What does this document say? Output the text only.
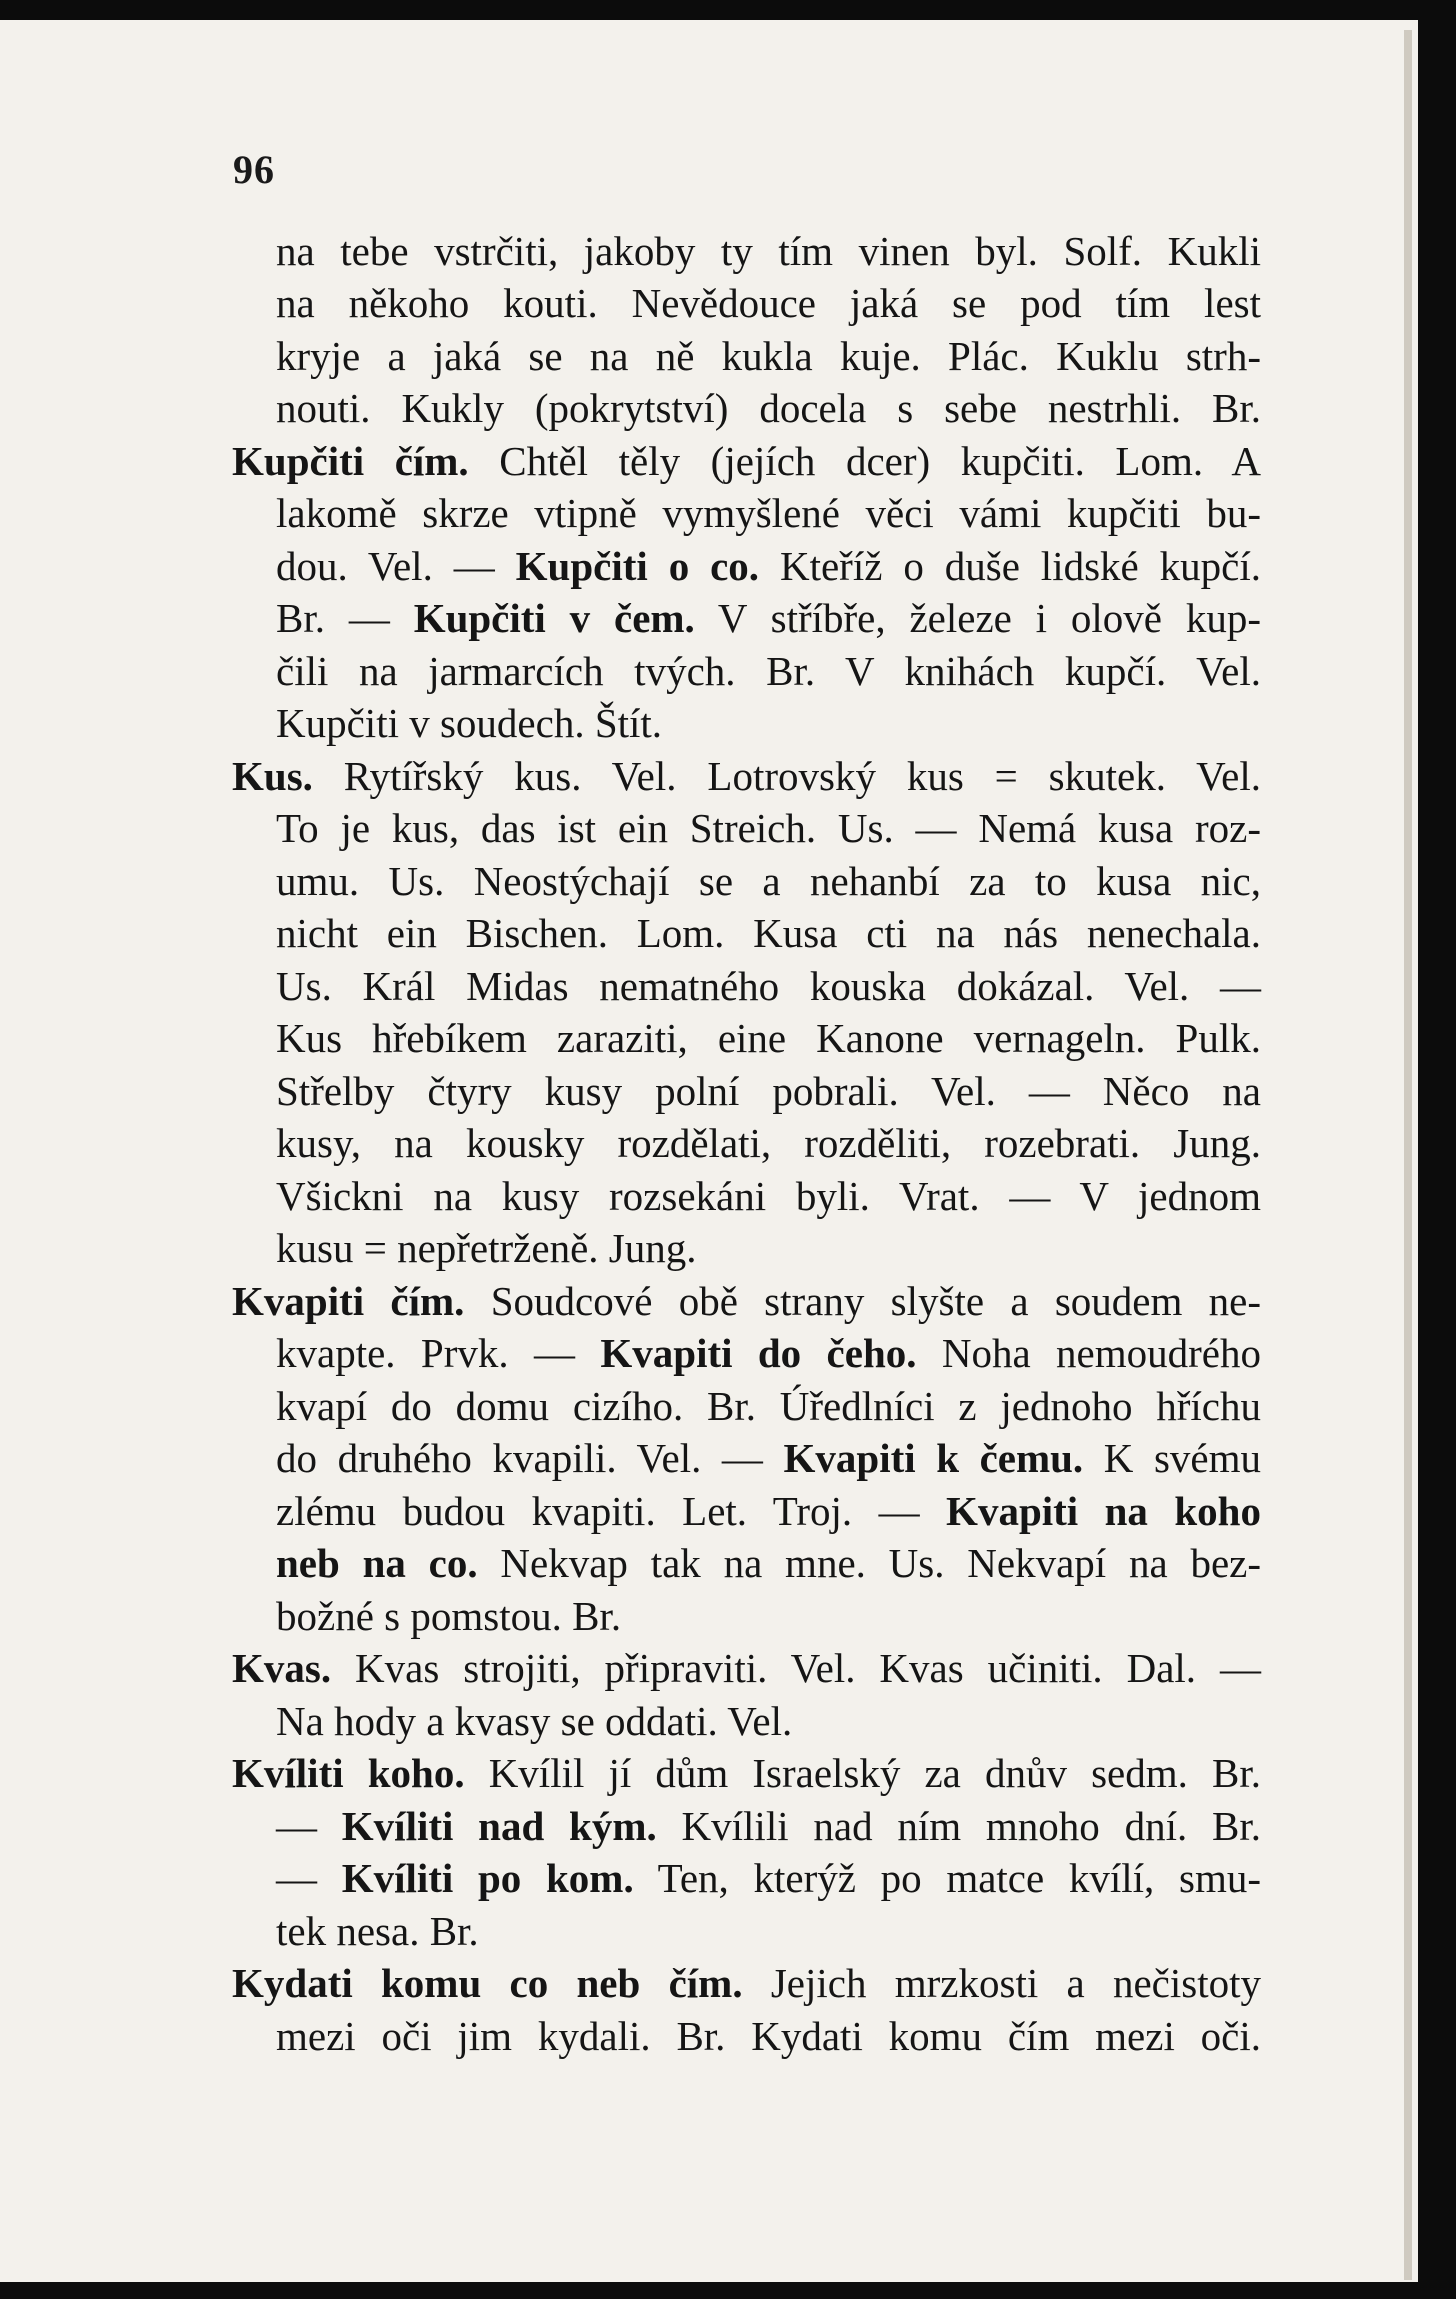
96
na tebe vstrčiti, jakoby ty tím vinen byl. Solf. Kukli
na někoho kouti. Nevědouce jaká se pod tím lest
kryje a jaká se na ně kukla kuje. Plác. Kuklu strh-
nouti. Kukly (pokrytství) docela s sebe nestrhli. Br.
Kupčiti čím. Chtěl těly (jejích dcer) kupčiti. Lom. A
lakomě skrze vtipně vymyšlené věci vámi kupčiti bu-
dou. Vel. — Kupčiti o co. Kteříž o duše lidské kupčí.
Br. — Kupčiti v čem. V stříbře, železe i olově kup-
čili na jarmarcích tvých. Br. V knihách kupčí. Vel.
Kupčiti v soudech. Štít.
Kus. Rytířský kus. Vel. Lotrovský kus = skutek. Vel.
To je kus, das ist ein Streich. Us. — Nemá kusa roz-
umu. Us. Neostýchají se a nehanbí za to kusa nic,
nicht ein Bischen. Lom. Kusa cti na nás nenechala.
Us. Král Midas nematného kouska dokázal. Vel. —
Kus hřebíkem zaraziti, eine Kanone vernageln. Pulk.
Střelby čtyry kusy polní pobrali. Vel. — Něco na
kusy, na kousky rozdělati, rozděliti, rozebrati. Jung.
Všickni na kusy rozsekáni byli. Vrat. — V jednom
kusu = nepřetrženě. Jung.
Kvapiti čím. Soudcové obě strany slyšte a soudem ne-
kvapte. Prvk. — Kvapiti do čeho. Noha nemoudrého
kvapí do domu cizího. Br. Úředlníci z jednoho hříchu
do druhého kvapili. Vel. — Kvapiti k čemu. K svému
zlému budou kvapiti. Let. Troj. — Kvapiti na koho
neb na co. Nekvap tak na mne. Us. Nekvapí na bez-
božné s pomstou. Br.
Kvas. Kvas strojiti, připraviti. Vel. Kvas učiniti. Dal. —
Na hody a kvasy se oddati. Vel.
Kvíliti koho. Kvílil jí dům Israelský za dnův sedm. Br.
— Kvíliti nad kým. Kvílili nad ním mnoho dní. Br.
— Kvíliti po kom. Ten, kterýž po matce kvílí, smu-
tek nesa. Br.
Kydati komu co neb čím. Jejich mrzkosti a nečistoty
mezi oči jim kydali. Br. Kydati komu čím mezi oči.
